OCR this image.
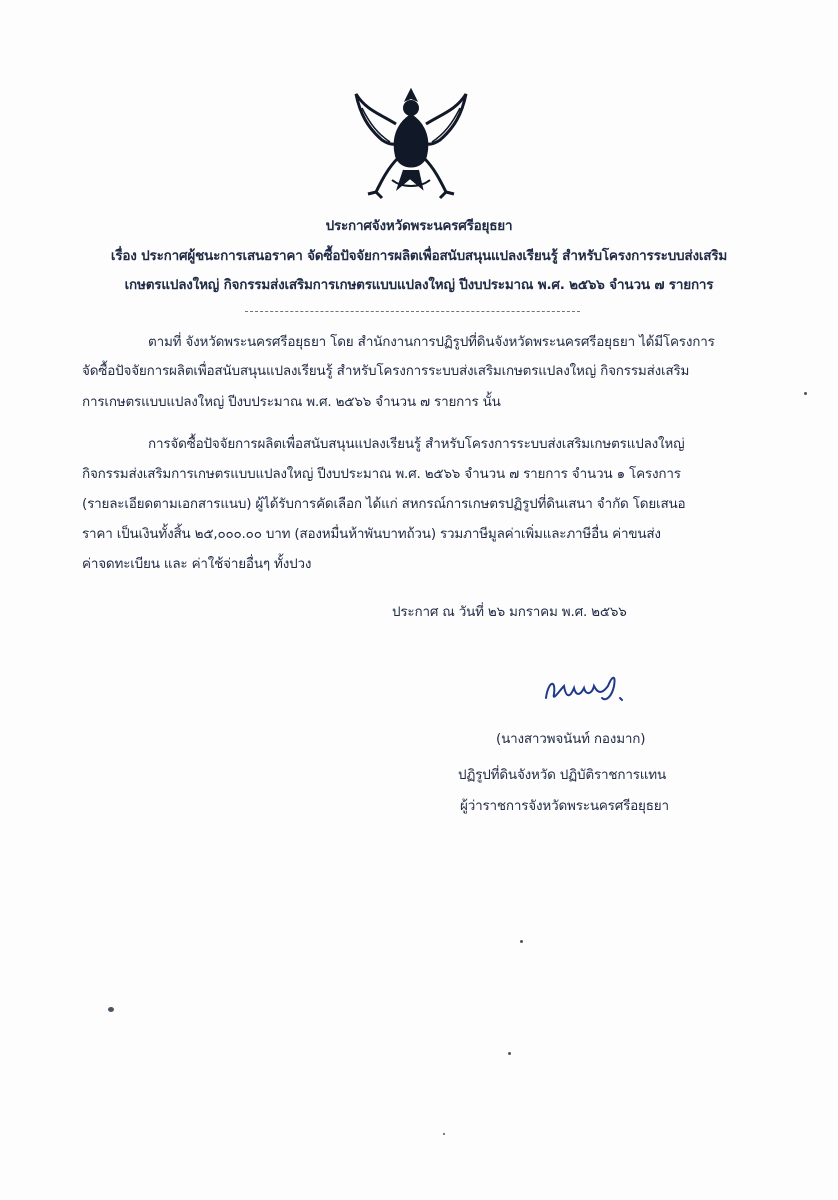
ประกาศจังหวัดพระนครศรีอยุธยา
เรื่อง ประกาศผู้ชนะการเสนอราคา จัดซื้อปัจจัยการผลิตเพื่อสนับสนุนแปลงเรียนรู้ สำหรับโครงการระบบส่งเสริม
เกษตรแปลงใหญ่ กิจกรรมส่งเสริมการเกษตรแบบแปลงใหญ่ ปีงบประมาณ พ.ศ. ๒๕๖๖ จำนวน ๗ รายการ
ตามที่ จังหวัดพระนครศรีอยุธยา โดย สำนักงานการปฏิรูปที่ดินจังหวัดพระนครศรีอยุธยา ได้มีโครงการ
จัดซื้อปัจจัยการผลิตเพื่อสนับสนุนแปลงเรียนรู้ สำหรับโครงการระบบส่งเสริมเกษตรแปลงใหญ่ กิจกรรมส่งเสริม
การเกษตรแบบแปลงใหญ่ ปีงบประมาณ พ.ศ. ๒๕๖๖ จำนวน ๗ รายการ นั้น
การจัดซื้อปัจจัยการผลิตเพื่อสนับสนุนแปลงเรียนรู้ สำหรับโครงการระบบส่งเสริมเกษตรแปลงใหญ่
กิจกรรมส่งเสริมการเกษตรแบบแปลงใหญ่ ปีงบประมาณ พ.ศ. ๒๕๖๖ จำนวน ๗ รายการ จำนวน ๑ โครงการ
(รายละเอียดตามเอกสารแนบ) ผู้ได้รับการคัดเลือก ได้แก่ สหกรณ์การเกษตรปฏิรูปที่ดินเสนา จำกัด โดยเสนอ
ราคา เป็นเงินทั้งสิ้น ๒๕,๐๐๐.๐๐ บาท (สองหมื่นห้าพันบาทถ้วน) รวมภาษีมูลค่าเพิ่มและภาษีอื่น ค่าขนส่ง
ค่าจดทะเบียน และ ค่าใช้จ่ายอื่นๆ ทั้งปวง
ประกาศ ณ วันที่ ๒๖ มกราคม พ.ศ. ๒๕๖๖
(นางสาวพจนันท์ กองมาก)
ปฏิรูปที่ดินจังหวัด ปฏิบัติราชการแทน
ผู้ว่าราชการจังหวัดพระนครศรีอยุธยา
